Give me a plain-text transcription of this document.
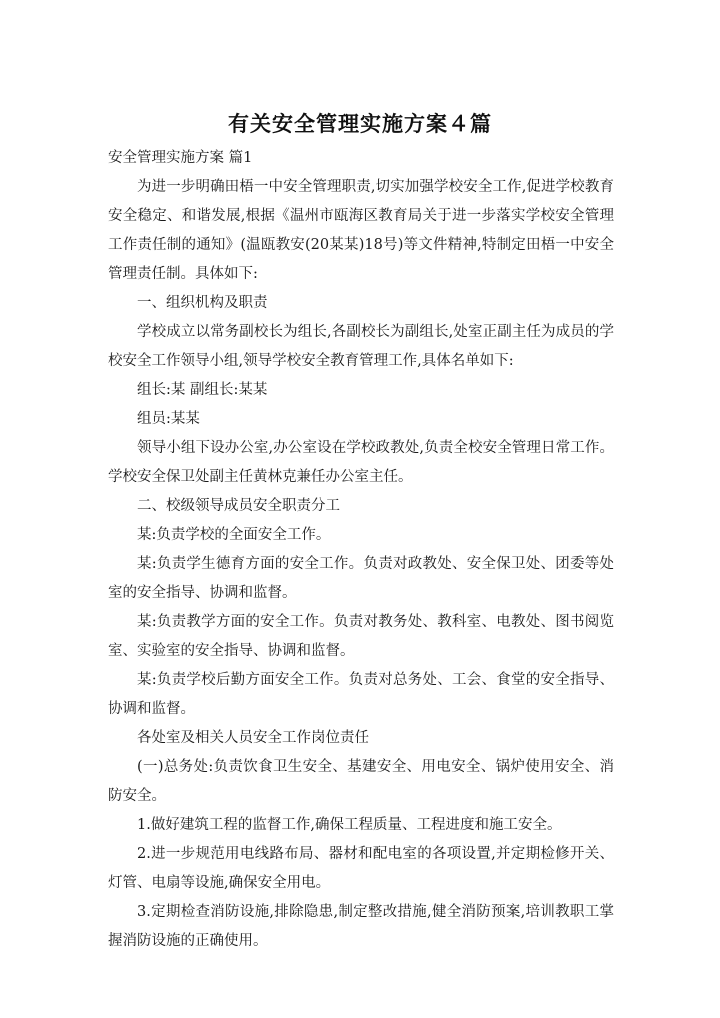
有关安全管理实施方案４篇

安全管理实施方案 篇1

为进一步明确田梧一中安全管理职责,切实加强学校安全工作,促进学校教育安全稳定、和谐发展,根据《温州市瓯海区教育局关于进一步落实学校安全管理工作责任制的通知》(温瓯教安(20某某)18号)等文件精神,特制定田梧一中安全管理责任制。具体如下:

一、组织机构及职责

学校成立以常务副校长为组长,各副校长为副组长,处室正副主任为成员的学校安全工作领导小组,领导学校安全教育管理工作,具体名单如下:

组长:某 副组长:某某

组员:某某

领导小组下设办公室,办公室设在学校政教处,负责全校安全管理日常工作。学校安全保卫处副主任黄林克兼任办公室主任。

二、校级领导成员安全职责分工

某:负责学校的全面安全工作。

某:负责学生德育方面的安全工作。负责对政教处、安全保卫处、团委等处室的安全指导、协调和监督。

某:负责教学方面的安全工作。负责对教务处、教科室、电教处、图书阅览室、实验室的安全指导、协调和监督。

某:负责学校后勤方面安全工作。负责对总务处、工会、食堂的安全指导、协调和监督。

各处室及相关人员安全工作岗位责任

(一)总务处:负责饮食卫生安全、基建安全、用电安全、锅炉使用安全、消防安全。

1.做好建筑工程的监督工作,确保工程质量、工程进度和施工安全。

2.进一步规范用电线路布局、器材和配电室的各项设置,并定期检修开关、灯管、电扇等设施,确保安全用电。

3.定期检查消防设施,排除隐患,制定整改措施,健全消防预案,培训教职工掌握消防设施的正确使用。
